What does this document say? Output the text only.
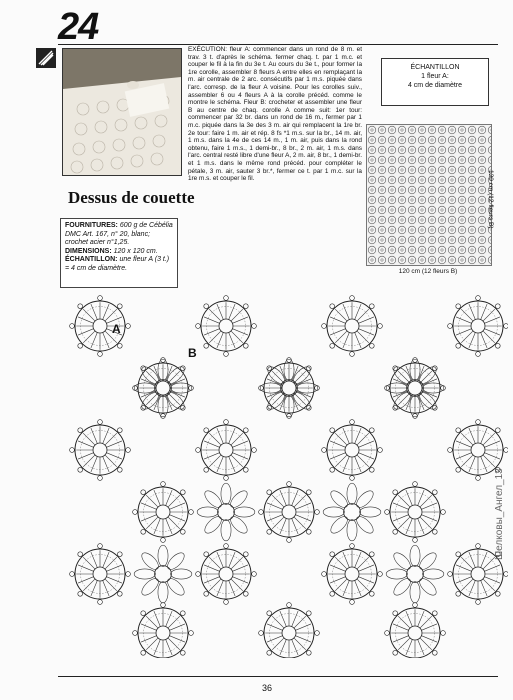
24
Dessus de couette
FOURNITURES: 600 g de Cébélia DMC Art. 167, n° 20, blanc; crochet acier n°1,25.
DIMENSIONS: 120 x 120 cm.
ÉCHANTILLON: une fleur A (3 t.) = 4 cm de diamètre.
EXÉCUTION: fleur A: commencer dans un rond de 8 m. et trav. 3 t. d'après le schéma. fermer chaq. t. par 1 m.c. et couper le fil à la fin du 3e t. Au cours du 3e t., pour former la 1re corolle, assembler 8 fleurs A entre elles en remplaçant la m. air centrale de 2 arc. consécutifs par 1 m.s. piquée dans l'arc. corresp. de la fleur A voisine. Pour les corolles suiv., assembler 6 ou 4 fleurs A à la corolle précéd. comme le montre le schéma. Fleur B: crocheter et assembler une fleur B au centre de chaq. corolle A comme suit: 1er tour: commencer par 32 br. dans un rond de 16 m., fermer par 1 m.c. piquée dans la 3e des 3 m. air qui remplacent la 1re br. 2e tour: faire 1 m. air et rép. 8 fs *1 m.s. sur la br., 14 m. air, 1 m.s. dans la 4e de ces 14 m., 1 m. air, puis dans la rond obtenu, faire 1 m.s., 1 demi-br., 8 br., 2 m. air, 1 m.s. dans l'arc. central resté libre d'une fleur A, 2 m. air, 8 br., 1 demi-br. et 1 m.s. dans le même rond précéd. pour compléter le pétale, 3 m. air, sauter 3 br.*, fermer ce t. par 1 m.c. sur la 1re m.s. et couper le fil.
ÉCHANTILLON
1 fleur A:
4 cm de diamètre
120 cm (12 fleurs B)
120 cm (12 fleurs B)
A
B
Шелковы_Ангел_13
36
